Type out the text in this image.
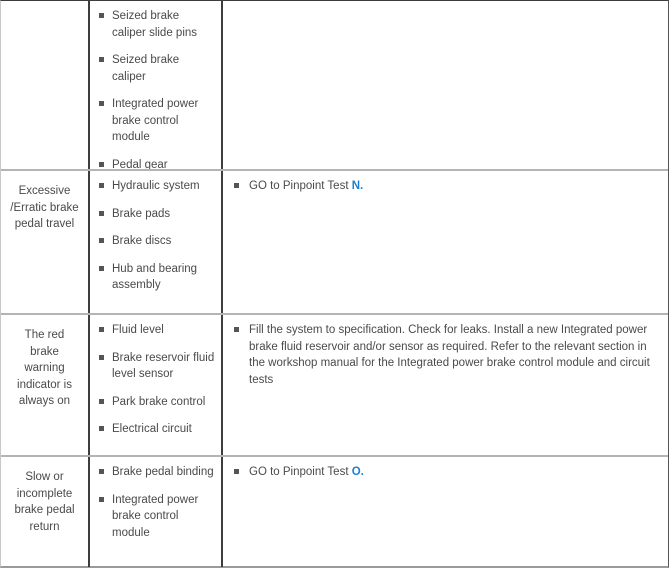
Seized brake caliper slide pins
Seized brake caliper
Integrated power brake control module
Pedal gear
Excessive
/Erratic brake
pedal travel
Hydraulic system
Brake pads
Brake discs
Hub and bearing assembly
GO to Pinpoint Test N.
The red
brake
warning
indicator is
always on
Fluid level
Brake reservoir fluid level sensor
Park brake control
Electrical circuit
Fill the system to specification. Check for leaks. Install a new Integrated power brake fluid reservoir and/or sensor as required. Refer to the relevant section in the workshop manual for the Integrated power brake control module and circuit tests
Slow or
incomplete
brake pedal
return
Brake pedal binding
Integrated power brake control module
GO to Pinpoint Test O.
